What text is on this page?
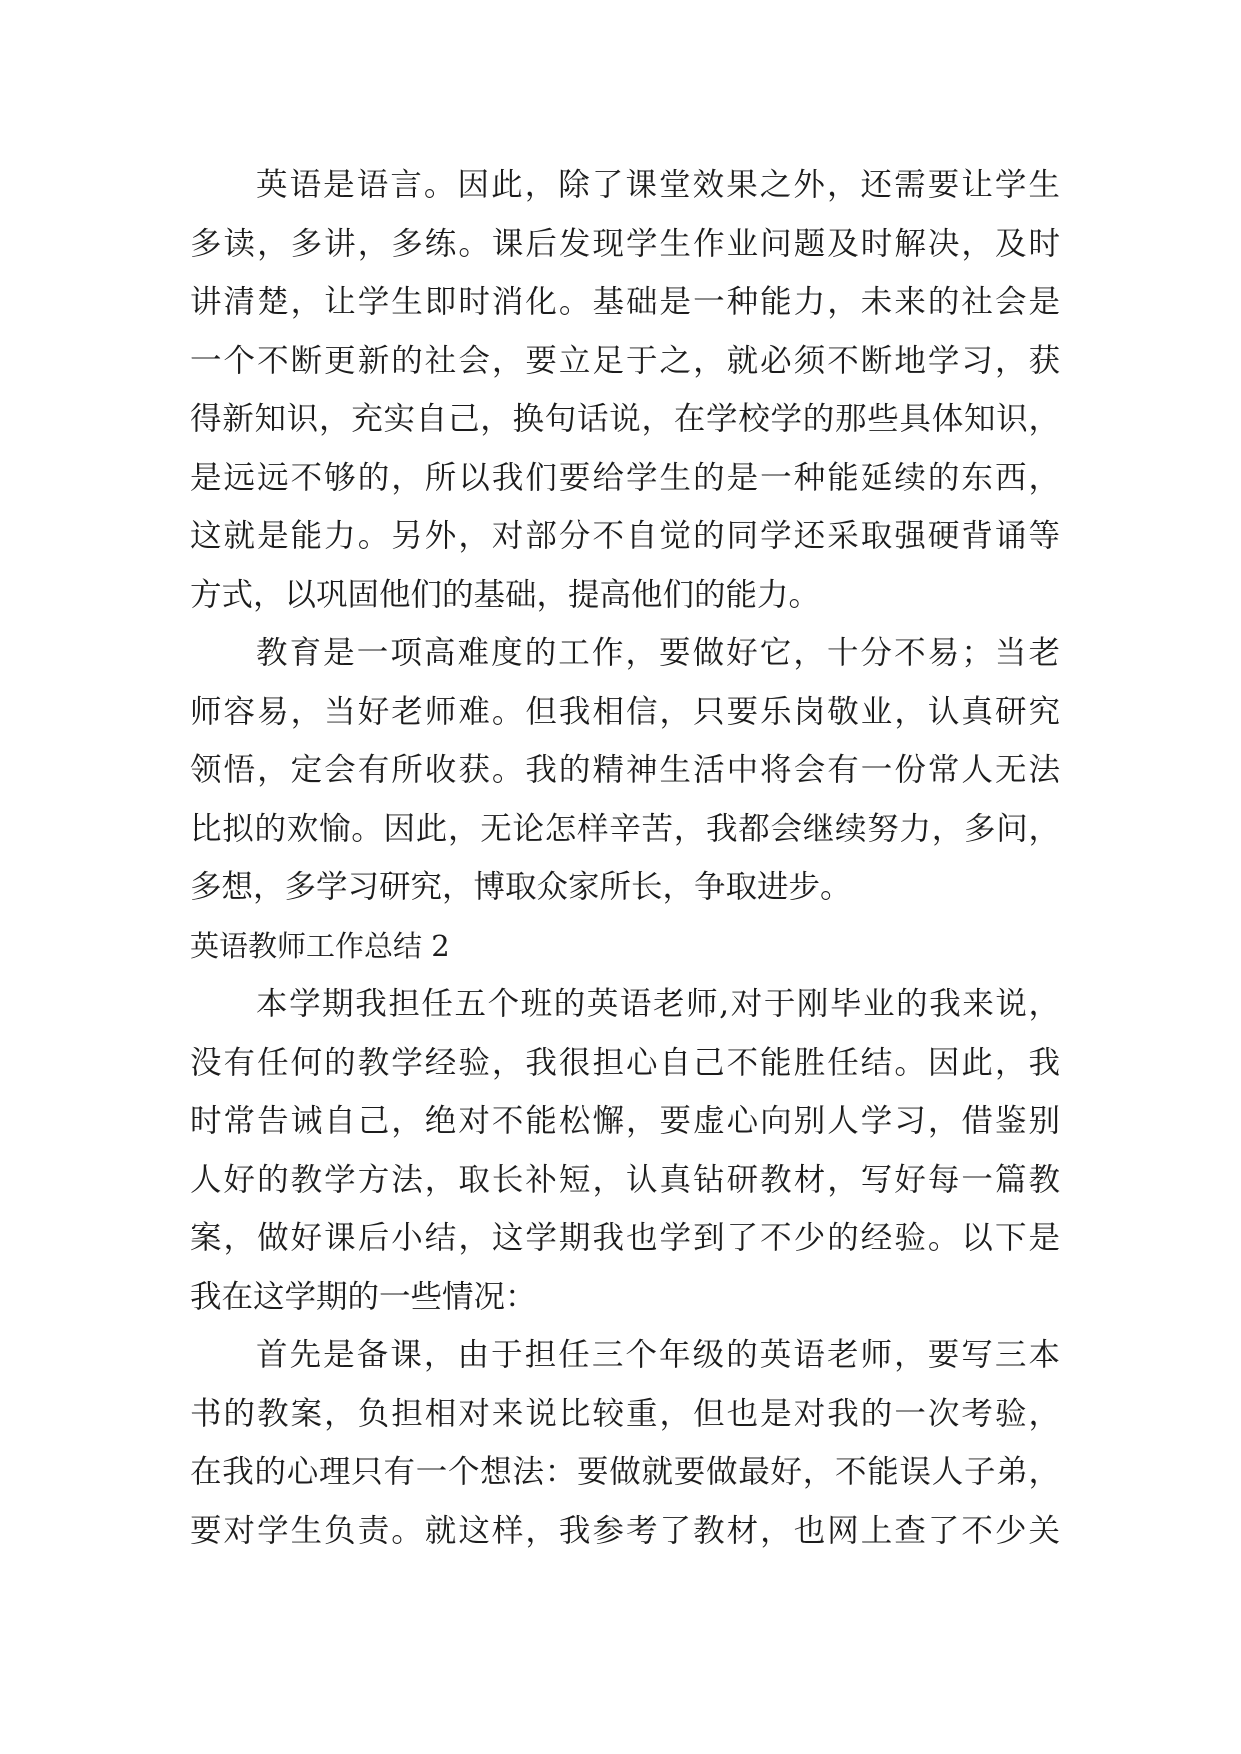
英语是语言。因此，除了课堂效果之外，还需要让学生
多读，多讲，多练。课后发现学生作业问题及时解决，及时
讲清楚，让学生即时消化。基础是一种能力，未来的社会是
一个不断更新的社会，要立足于之，就必须不断地学习，获
得新知识，充实自己，换句话说，在学校学的那些具体知识，
是远远不够的，所以我们要给学生的是一种能延续的东西，
这就是能力。另外，对部分不自觉的同学还采取强硬背诵等
方式，以巩固他们的基础，提高他们的能力。
教育是一项高难度的工作，要做好它，十分不易；当老
师容易，当好老师难。但我相信，只要乐岗敬业，认真研究
领悟，定会有所收获。我的精神生活中将会有一份常人无法
比拟的欢愉。因此，无论怎样辛苦，我都会继续努力，多问，
多想，多学习研究，博取众家所长，争取进步。
英语教师工作总结 2
本学期我担任五个班的英语老师,对于刚毕业的我来说，
没有任何的教学经验，我很担心自己不能胜任结。因此，我
时常告诫自己，绝对不能松懈，要虚心向别人学习，借鉴别
人好的教学方法，取长补短，认真钻研教材，写好每一篇教
案，做好课后小结，这学期我也学到了不少的经验。以下是
我在这学期的一些情况：
首先是备课，由于担任三个年级的英语老师，要写三本
书的教案，负担相对来说比较重，但也是对我的一次考验，
在我的心理只有一个想法：要做就要做最好，不能误人子弟，
要对学生负责。就这样，我参考了教材，也网上查了不少关
